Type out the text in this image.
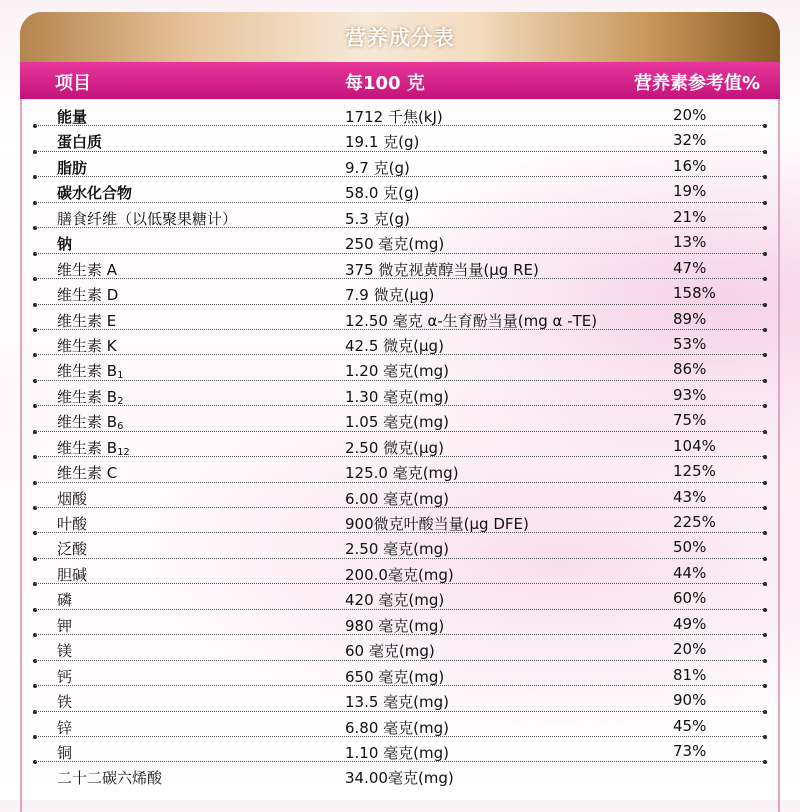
营养成分表
项目	每100 克	营养素参考值%
能量	1712 千焦(kJ)	20%
蛋白质	19.1 克(g)	32%
脂肪	9.7 克(g)	16%
碳水化合物	58.0 克(g)	19%
膳食纤维（以低聚果糖计）	5.3 克(g)	21%
钠	250 毫克(mg)	13%
维生素 A	375 微克视黄醇当量(μg RE)	47%
维生素 D	7.9 微克(μg)	158%
维生素 E	12.50 毫克 α-生育酚当量(mg α -TE)	89%
维生素 K	42.5 微克(μg)	53%
维生素 $B_1$	1.20 毫克(mg)	86%
维生素 $B_2$	1.30 毫克(mg)	93%
维生素 $B_6$	1.05 毫克(mg)	75%
维生素 $B_{12}$	2.50 微克(μg)	104%
维生素 C	125.0 毫克(mg)	125%
烟酸	6.00 毫克(mg)	43%
叶酸	900微克叶酸当量(μg DFE)	225%
泛酸	2.50 毫克(mg)	50%
胆碱	200.0毫克(mg)	44%
磷	420 毫克(mg)	60%
钾	980 毫克(mg)	49%
镁	60 毫克(mg)	20%
钙	650 毫克(mg)	81%
铁	13.5 毫克(mg)	90%
锌	6.80 毫克(mg)	45%
铜	1.10 毫克(mg)	73%
二十二碳六烯酸	34.00毫克(mg)
